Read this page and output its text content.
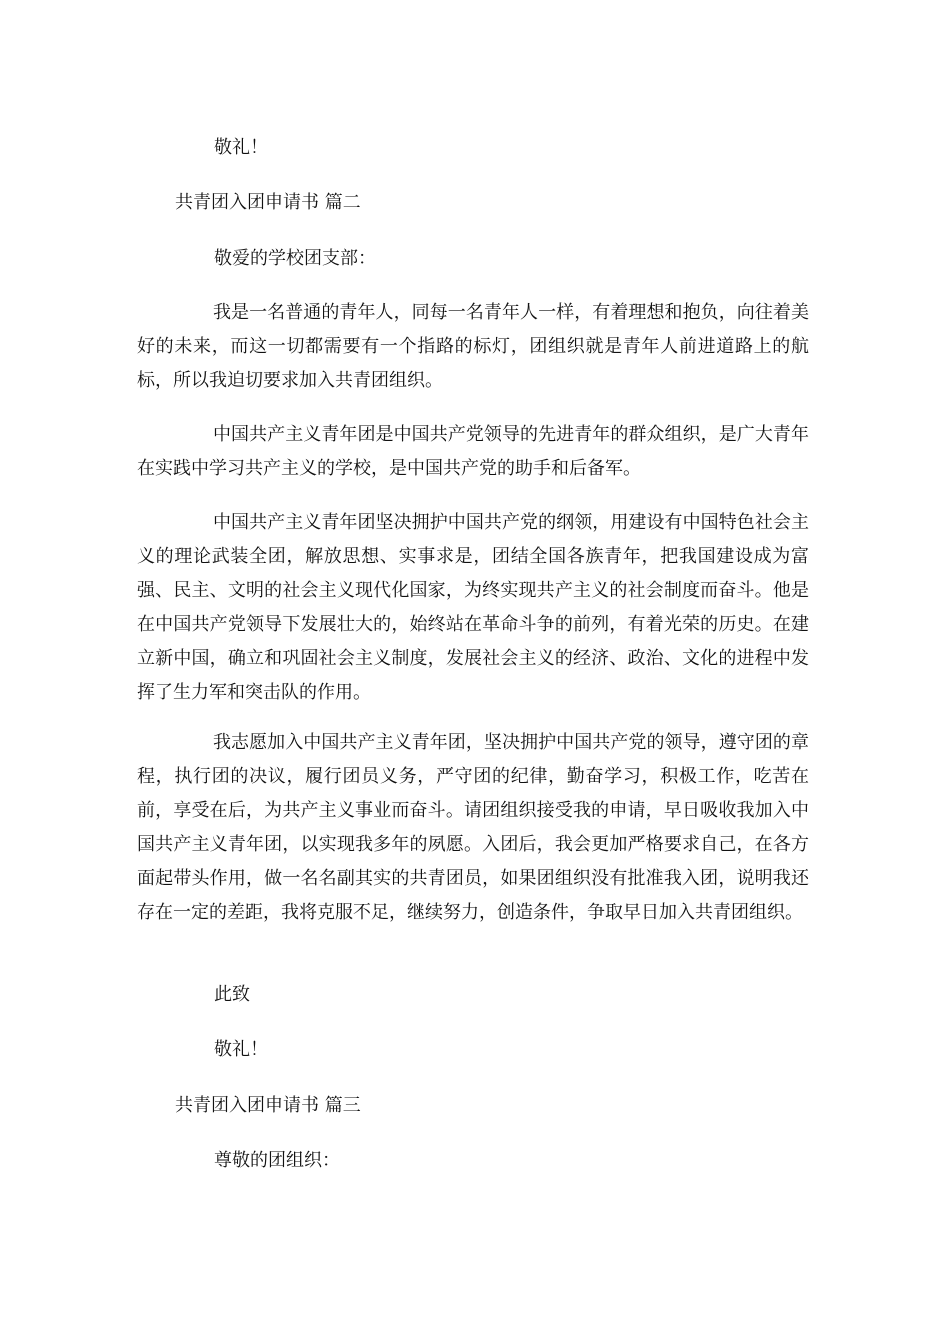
敬礼！
共青团入团申请书 篇二
敬爱的学校团支部：
我是一名普通的青年人，同每一名青年人一样，有着理想和抱负，向往着美好的未来，而这一切都需要有一个指路的标灯，团组织就是青年人前进道路上的航标，所以我迫切要求加入共青团组织。
中国共产主义青年团是中国共产党领导的先进青年的群众组织，是广大青年在实践中学习共产主义的学校，是中国共产党的助手和后备军。
中国共产主义青年团坚决拥护中国共产党的纲领，用建设有中国特色社会主义的理论武装全团，解放思想、实事求是，团结全国各族青年，把我国建设成为富强、民主、文明的社会主义现代化国家，为终实现共产主义的社会制度而奋斗。他是在中国共产党领导下发展壮大的，始终站在革命斗争的前列，有着光荣的历史。在建立新中国，确立和巩固社会主义制度，发展社会主义的经济、政治、文化的进程中发挥了生力军和突击队的作用。
我志愿加入中国共产主义青年团，坚决拥护中国共产党的领导，遵守团的章程，执行团的决议，履行团员义务，严守团的纪律，勤奋学习，积极工作，吃苦在前，享受在后，为共产主义事业而奋斗。请团组织接受我的申请，早日吸收我加入中国共产主义青年团，以实现我多年的夙愿。入团后，我会更加严格要求自己，在各方面起带头作用，做一名名副其实的共青团员，如果团组织没有批准我入团，说明我还存在一定的差距，我将克服不足，继续努力，创造条件，争取早日加入共青团组织。
此致
敬礼！
共青团入团申请书 篇三
尊敬的团组织：
